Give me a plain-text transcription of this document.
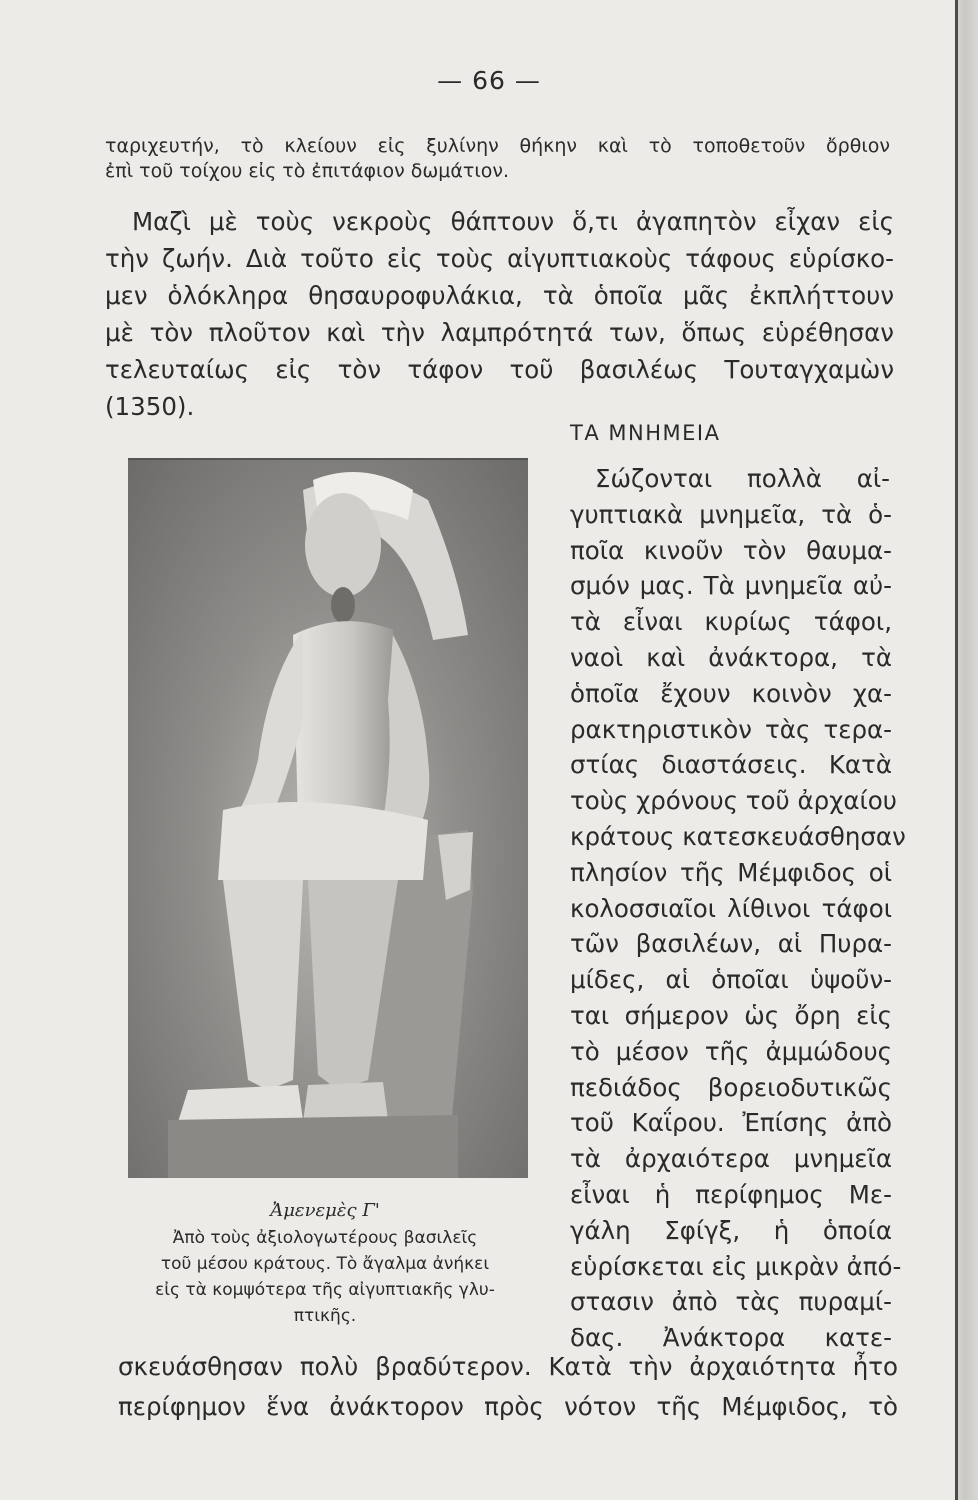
— 66 —

ταριχευτήν, τὸ κλείουν εἰς ξυλίνην θήκην καὶ τὸ τοποθετοῦν ὄρθιον

ἐπὶ τοῦ τοίχου εἰς τὸ ἐπιτάφιον δωμάτιον.

Μαζὶ μὲ τοὺς νεκροὺς θάπτουν ὅ,τι ἀγαπητὸν εἶχαν εἰς

τὴν ζωήν. Διὰ τοῦτο εἰς τοὺς αἰγυπτιακοὺς τάφους εὑρίσκο-

μεν ὁλόκληρα θησαυροφυλάκια, τὰ ὁποῖα μᾶς ἐκπλήττουν

μὲ τὸν πλοῦτον καὶ τὴν λαμπρότητά των, ὅπως εὑρέθησαν

τελευταίως εἰς τὸν τάφον τοῦ βασιλέως Τουταγχαμὼν

(1350).

ΤΑ ΜΝΗΜΕΙΑ

Ἀμενεμὲς Γ'
Ἀπὸ τοὺς ἀξιολογωτέρους βασιλεῖς
τοῦ μέσου κράτους. Τὸ ἄγαλμα ἀνήκει
εἰς τὰ κομψότερα τῆς αἰγυπτιακῆς γλυ-
πτικῆς.

Σώζονται πολλὰ αἰ-

γυπτιακὰ μνημεῖα, τὰ ὁ-

ποῖα κινοῦν τὸν θαυμα-

σμόν μας. Τὰ μνημεῖα αὐ-

τὰ εἶναι κυρίως τάφοι,

ναοὶ καὶ ἀνάκτορα, τὰ

ὁποῖα ἔχουν κοινὸν χα-

ρακτηριστικὸν τὰς τερα-

στίας διαστάσεις. Κατὰ

τοὺς χρόνους τοῦ ἀρχαίου

κράτους κατεσκευάσθησαν

πλησίον τῆς Μέμφιδος οἱ

κολοσσιαῖοι λίθινοι τάφοι

τῶν βασιλέων, αἱ Πυρα-

μίδες, αἱ ὁποῖαι ὑψοῦν-

ται σήμερον ὡς ὄρη εἰς

τὸ μέσον τῆς ἀμμώδους

πεδιάδος βορειοδυτικῶς

τοῦ Καΐρου. Ἐπίσης ἀπὸ

τὰ ἀρχαιότερα μνημεῖα

εἶναι ἡ περίφημος Με-

γάλη Σφίγξ, ἡ ὁποία

εὑρίσκεται εἰς μικρὰν ἀπό-

στασιν ἀπὸ τὰς πυραμί-

δας. Ἀνάκτορα κατε-

σκευάσθησαν πολὺ βραδύτερον. Κατὰ τὴν ἀρχαιότητα ἦτο

περίφημον ἕνα ἀνάκτορον πρὸς νότον τῆς Μέμφιδος, τὸ
